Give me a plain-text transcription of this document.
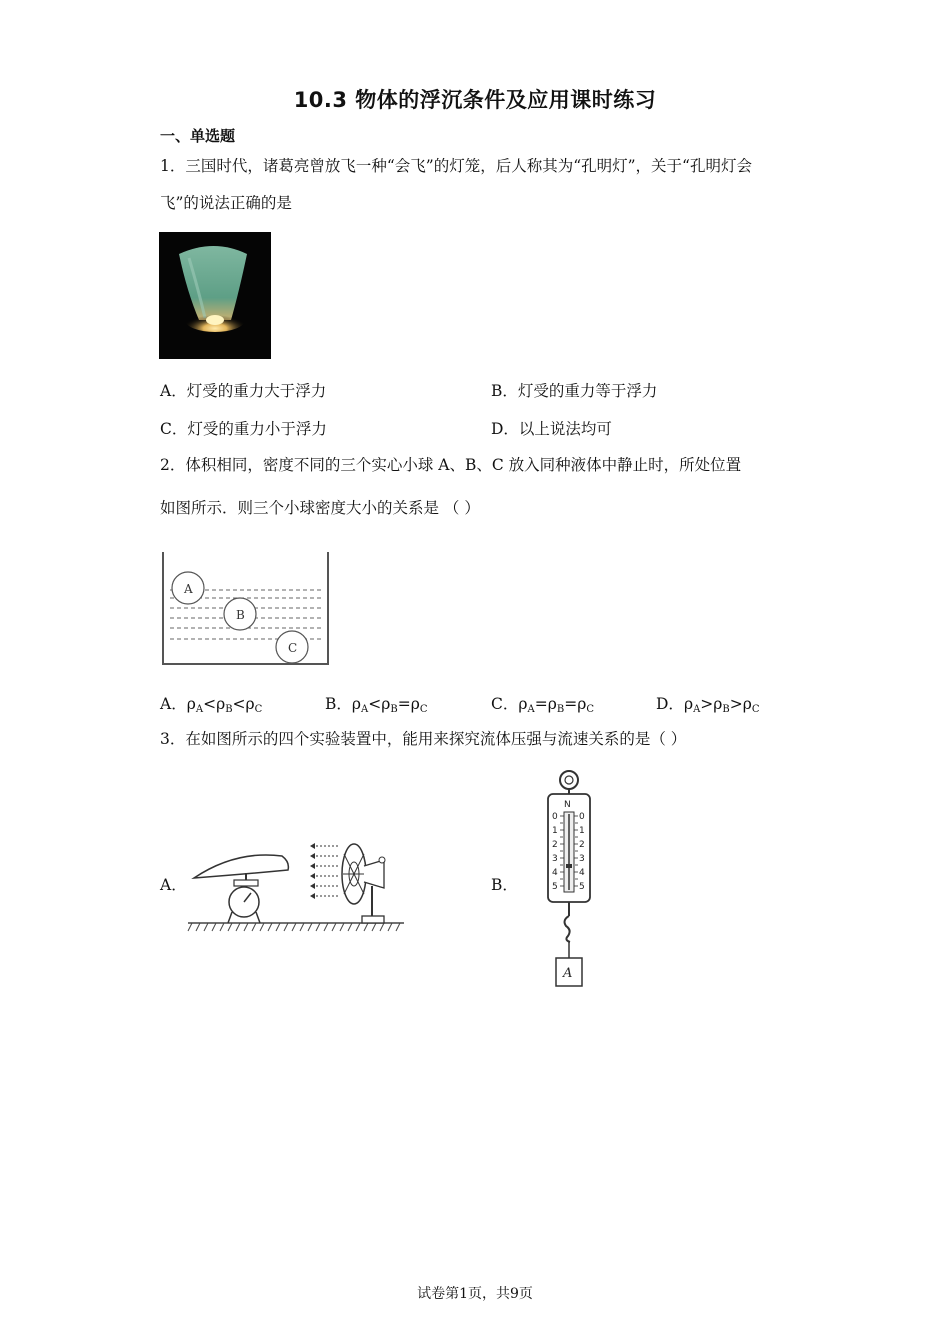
10.3 物体的浮沉条件及应用课时练习
一、单选题
1．三国时代，诸葛亮曾放飞一种“会飞”的灯笼，后人称其为“孔明灯”，关于“孔明灯会
飞”的说法正确的是
A．灯受的重力大于浮力	B．灯受的重力等于浮力
C．灯受的重力小于浮力	D．以上说法均可
2．体积相同，密度不同的三个实心小球 A、B、C 放入同种液体中静止时，所处位置
如图所示．则三个小球密度大小的关系是 （ ）
A
B
C
A．$\rho_A<\rho_B<\rho_C$	B．$\rho_A<\rho_B=\rho_C$	C．$\rho_A=\rho_B=\rho_C$	D．$\rho_A>\rho_B>\rho_C$
3．在如图所示的四个实验装置中，能用来探究流体压强与流速关系的是（ ）
A．	B．
N
0 0
1 1
2 2
3 3
4 4
5 5
A
试卷第1页，共9页
